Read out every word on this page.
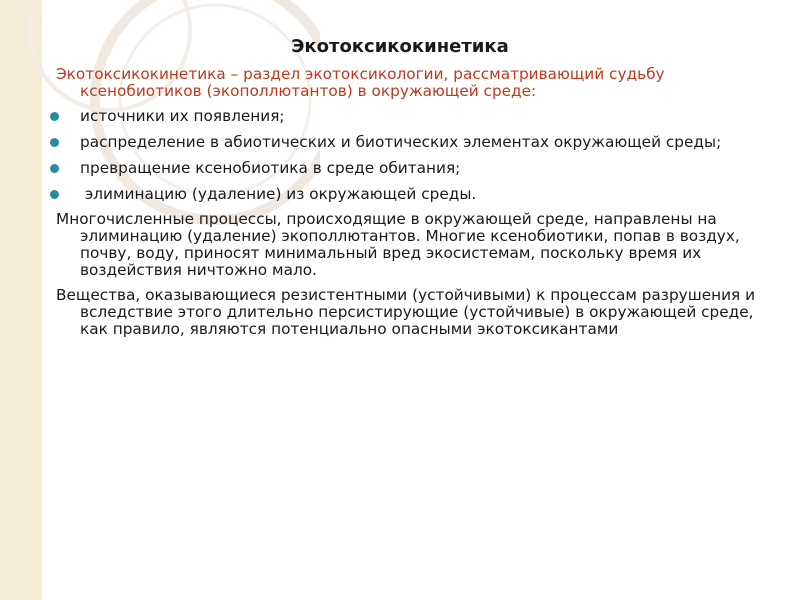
Экотоксикокинетика

Экотоксикокинетика – раздел экотоксикологии, рассматривающий судьбу ксенобиотиков (экополлютантов) в окружающей среде:

источники их появления;
распределение в абиотических и биотических элементах окружающей среды;
превращение ксенобиотика в среде обитания;
элиминацию (удаление) из окружающей среды.

Многочисленные процессы, происходящие в окружающей среде, направлены на элиминацию (удаление) экополлютантов. Многие ксенобиотики, попав в воздух, почву, воду, приносят минимальный вред экосистемам, поскольку время их воздействия ничтожно мало.

Вещества, оказывающиеся резистентными (устойчивыми) к процессам разрушения и вследствие этого длительно персистирующие (устойчивые) в окружающей среде, как правило, являются потенциально опасными экотоксикантами
